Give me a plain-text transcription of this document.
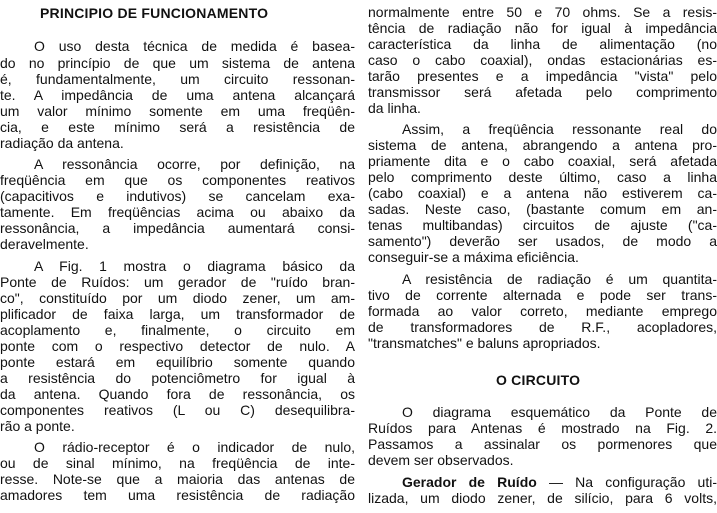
PRINCIPIO DE FUNCIONAMENTO
O uso desta técnica de medida é basea-
do no princípio de que um sistema de antena
é, fundamentalmente, um circuito ressonan-
te. A impedância de uma antena alcançará
um valor mínimo somente em uma freqüên-
cia, e este mínimo será a resistência de
radiação da antena.
A ressonância ocorre, por definição, na
freqüência em que os componentes reativos
(capacitivos e indutivos) se cancelam exa-
tamente. Em freqüências acima ou abaixo da
ressonância, a impedância aumentará consi-
deravelmente.
A Fig. 1 mostra o diagrama básico da
Ponte de Ruídos: um gerador de "ruído bran-
co", constituído por um diodo zener, um am-
plificador de faixa larga, um transformador de
acoplamento e, finalmente, o circuito em
ponte com o respectivo detector de nulo. A
ponte estará em equilíbrio somente quando
a resistência do potenciômetro for igual à
da antena. Quando fora de ressonância, os
componentes reativos (L ou C) desequilibra-
rão a ponte.
O rádio-receptor é o indicador de nulo,
ou de sinal mínimo, na freqüência de inte-
resse. Note-se que a maioria das antenas de
amadores tem uma resistência de radiação
normalmente entre 50 e 70 ohms. Se a resis-
tência de radiação não for igual à impedância
característica da linha de alimentação (no
caso o cabo coaxial), ondas estacionárias es-
tarão presentes e a impedância "vista" pelo
transmissor será afetada pelo comprimento
da linha.
Assim, a freqüência ressonante real do
sistema de antena, abrangendo a antena pro-
priamente dita e o cabo coaxial, será afetada
pelo comprimento deste último, caso a linha
(cabo coaxial) e a antena não estiverem ca-
sadas. Neste caso, (bastante comum em an-
tenas multibandas) circuitos de ajuste ("ca-
samento") deverão ser usados, de modo a
conseguir-se a máxima eficiência.
A resistência de radiação é um quantita-
tivo de corrente alternada e pode ser trans-
formada ao valor correto, mediante emprego
de transformadores de R.F., acopladores,
"transmatches" e baluns apropriados.
O CIRCUITO
O diagrama esquemático da Ponte de
Ruídos para Antenas é mostrado na Fig. 2.
Passamos a assinalar os pormenores que
devem ser observados.
Gerador de Ruído — Na configuração uti-
lizada, um diodo zener, de silício, para 6 volts,
